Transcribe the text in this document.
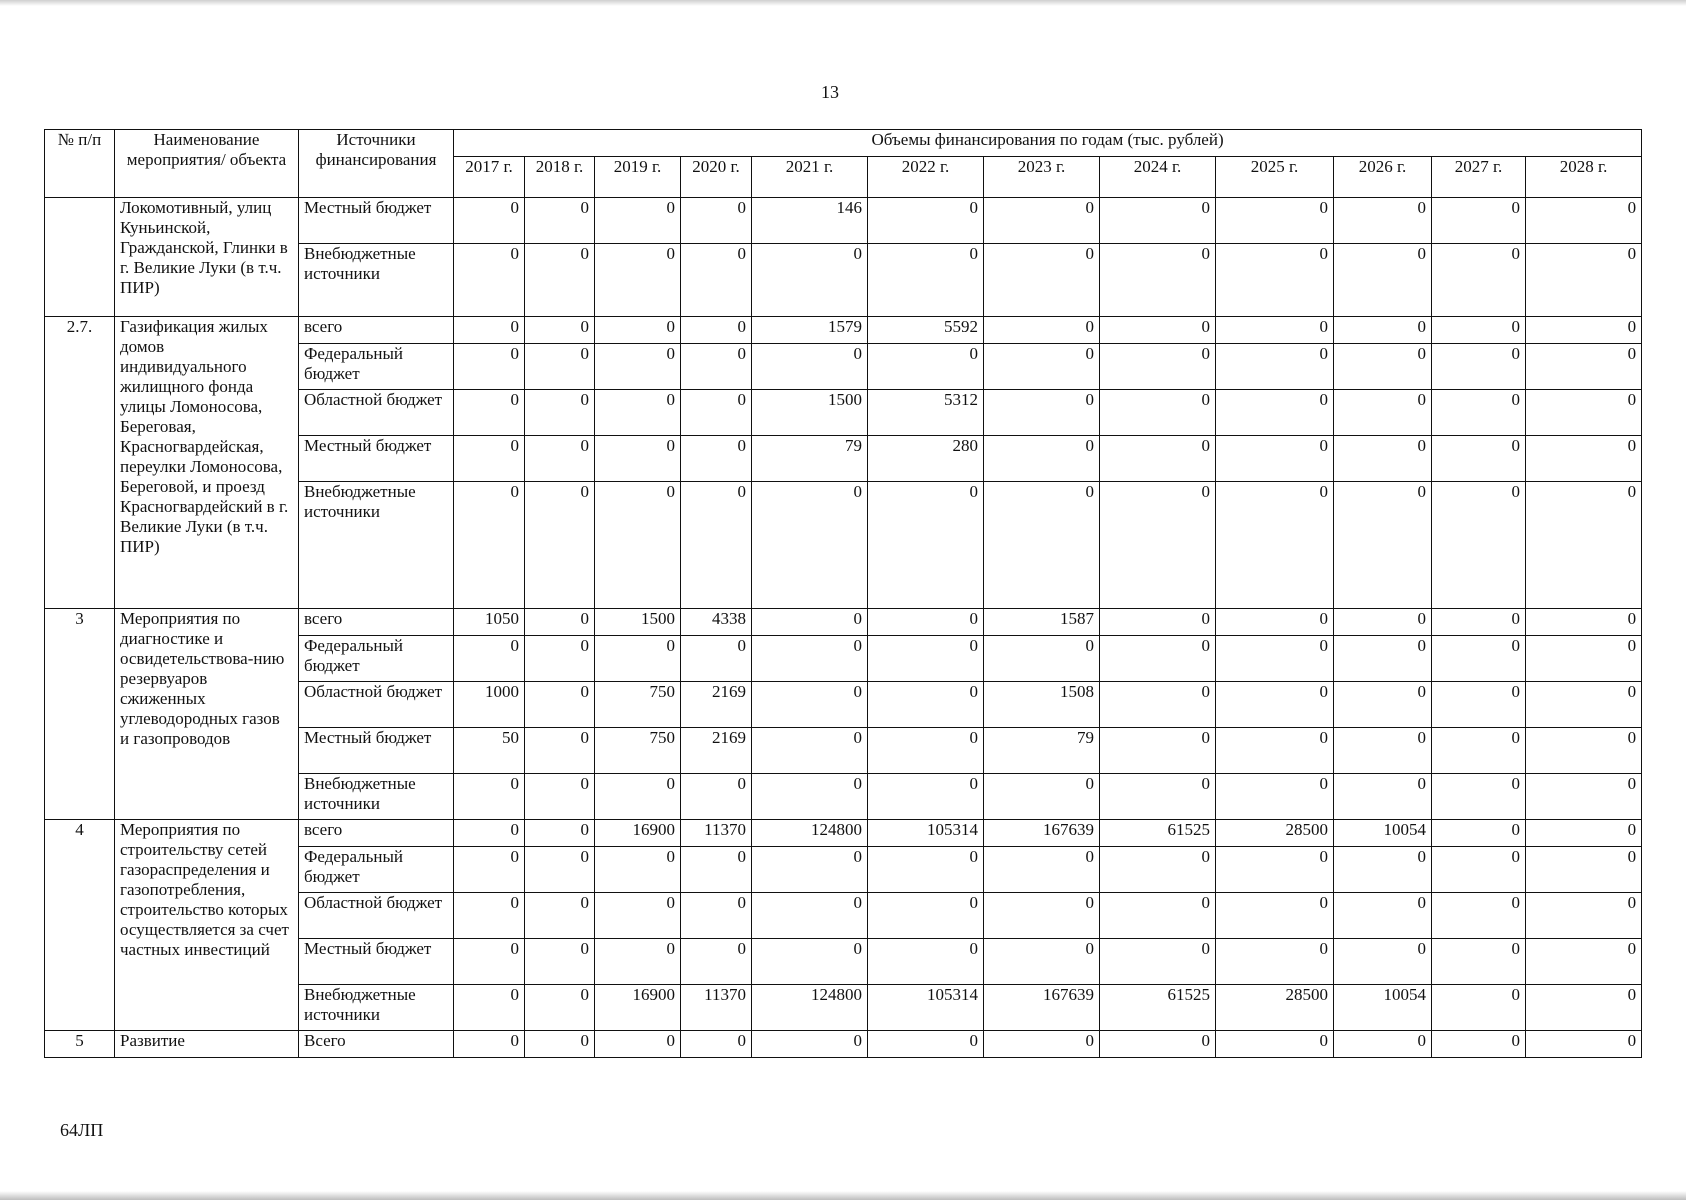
13
№ п/п	Наименование мероприятия/ объекта	Источники финансирования	Объемы финансирования по годам (тыс. рублей)											
			2017 г.	2018 г.	2019 г.	2020 г.	2021 г.	2022 г.	2023 г.	2024 г.	2025 г.	2026 г.	2027 г.	2028 г.
	Локомотивный, улиц Куньинской, Гражданской, Глинки в г. Великие Луки (в т.ч. ПИР)	Местный бюджет	0	0	0	0	146	0	0	0	0	0	0	0
		Внебюджетные источники	0	0	0	0	0	0	0	0	0	0	0	0
2.7.	Газификация жилых домов индивидуального жилищного фонда улицы Ломоносова, Береговая, Красногвардейская, переулки Ломоносова, Береговой, и проезд Красногвардейский в г. Великие Луки (в т.ч. ПИР)	всего	0	0	0	0	1579	5592	0	0	0	0	0	0
		Федеральный бюджет	0	0	0	0	0	0	0	0	0	0	0	0
		Областной бюджет	0	0	0	0	1500	5312	0	0	0	0	0	0
		Местный бюджет	0	0	0	0	79	280	0	0	0	0	0	0
		Внебюджетные источники	0	0	0	0	0	0	0	0	0	0	0	0
3	Мероприятия по диагностике и освидетельствова-нию резервуаров сжиженных углеводородных газов и газопроводов	всего	1050	0	1500	4338	0	0	1587	0	0	0	0	0
		Федеральный бюджет	0	0	0	0	0	0	0	0	0	0	0	0
		Областной бюджет	1000	0	750	2169	0	0	1508	0	0	0	0	0
		Местный бюджет	50	0	750	2169	0	0	79	0	0	0	0	0
		Внебюджетные источники	0	0	0	0	0	0	0	0	0	0	0	0
4	Мероприятия по строительству сетей газораспределения и газопотребления, строительство которых осуществляется за счет частных инвестиций	всего	0	0	16900	11370	124800	105314	167639	61525	28500	10054	0	0
		Федеральный бюджет	0	0	0	0	0	0	0	0	0	0	0	0
		Областной бюджет	0	0	0	0	0	0	0	0	0	0	0	0
		Местный бюджет	0	0	0	0	0	0	0	0	0	0	0	0
		Внебюджетные источники	0	0	16900	11370	124800	105314	167639	61525	28500	10054	0	0
5	Развитие	Всего	0	0	0	0	0	0	0	0	0	0	0	0
64ЛП
